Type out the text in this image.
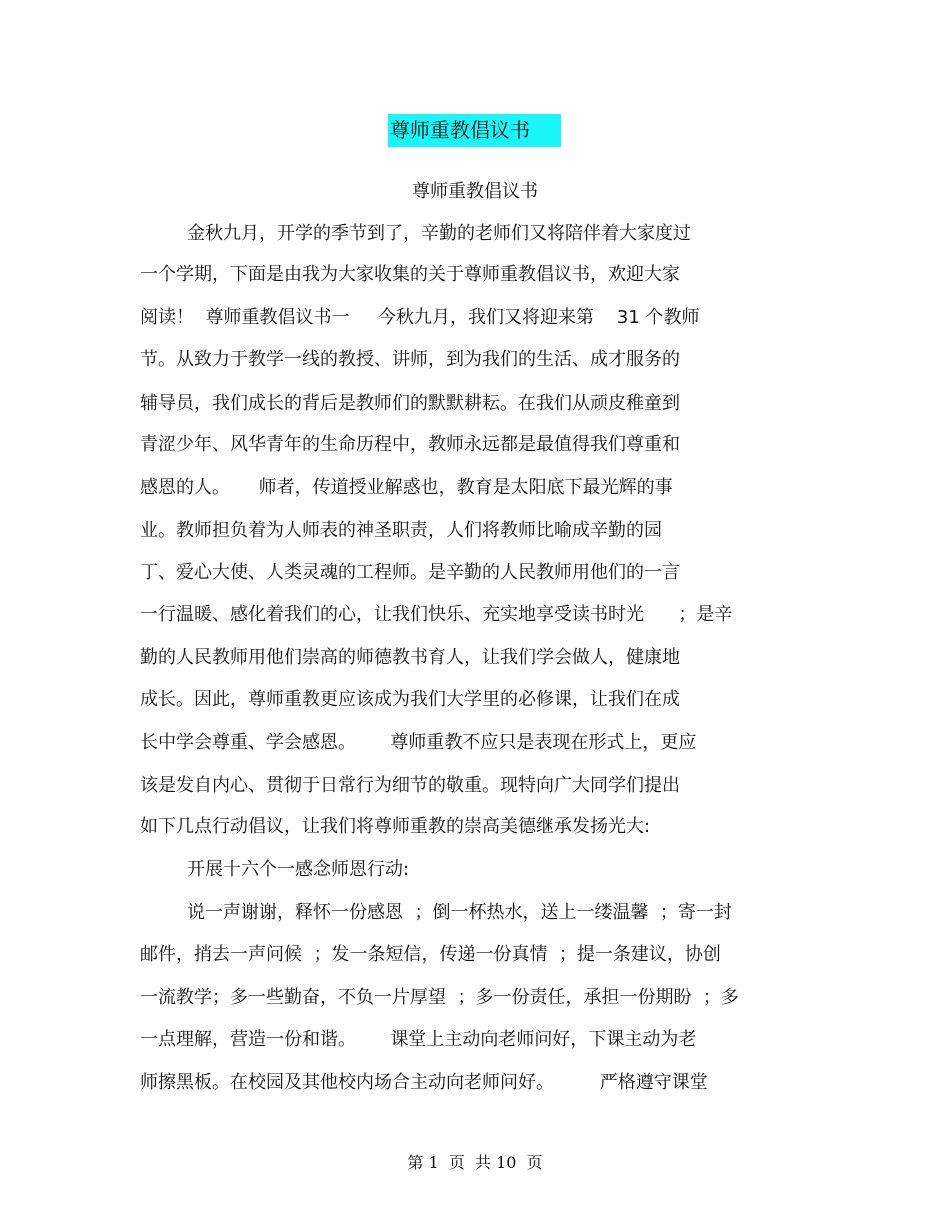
尊师重教倡议书
尊师重教倡议书
金秋九月，开学的季节到了，辛勤的老师们又将陪伴着大家度过
一个学期，下面是由我为大家收集的关于尊师重教倡议书，欢迎大家
阅读！  尊师重教倡议书一     今秋九月，我们又将迎来第    31 个教师
节。从致力于教学一线的教授、讲师，到为我们的生活、成才服务的
辅导员，我们成长的背后是教师们的默默耕耘。在我们从顽皮稚童到
青涩少年、风华青年的生命历程中，教师永远都是最值得我们尊重和
感恩的人。     师者，传道授业解惑也，教育是太阳底下最光辉的事
业。教师担负着为人师表的神圣职责，人们将教师比喻成辛勤的园
丁、爱心大使、人类灵魂的工程师。是辛勤的人民教师用他们的一言
一行温暖、感化着我们的心，让我们快乐、充实地享受读书时光      ；是辛
勤的人民教师用他们崇高的师德教书育人，让我们学会做人，健康地
成长。因此，尊师重教更应该成为我们大学里的必修课，让我们在成
长中学会尊重、学会感恩。      尊师重教不应只是表现在形式上，更应
该是发自内心、贯彻于日常行为细节的敬重。现特向广大同学们提出
如下几点行动倡议，让我们将尊师重教的崇高美德继承发扬光大:
开展十六个一感念师恩行动:
说一声谢谢，释怀一份感恩  ；倒一杯热水，送上一缕温馨  ；寄一封
邮件，捎去一声问候  ；发一条短信，传递一份真情  ；提一条建议，协创
一流教学；多一些勤奋，不负一片厚望  ；多一份责任，承担一份期盼  ；多
一点理解，营造一份和谐。      课堂上主动向老师问好，下课主动为老
师擦黑板。在校园及其他校内场合主动向老师问好。        严格遵守课堂
第 1  页  共 10  页
